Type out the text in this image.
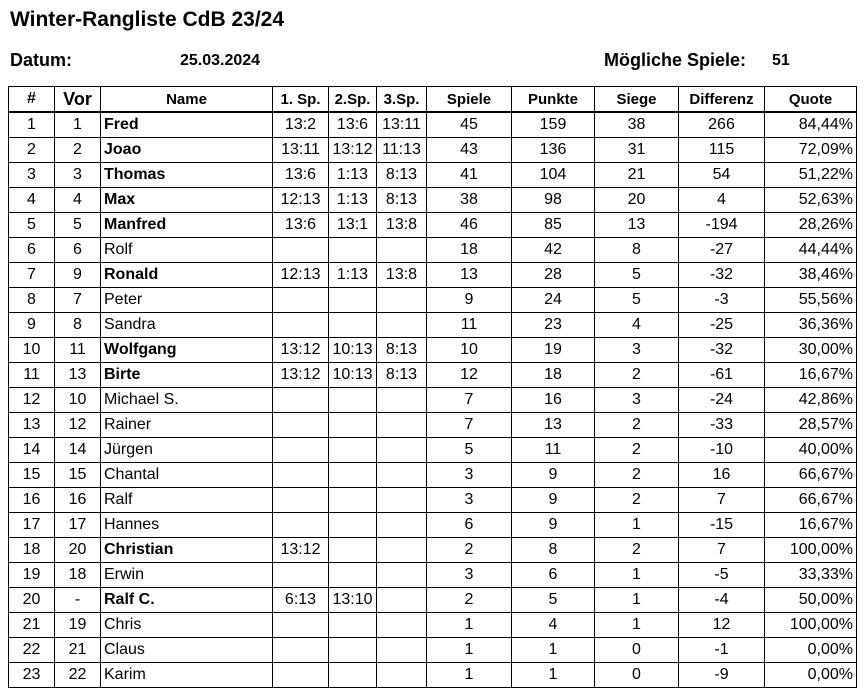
Winter-Rangliste CdB 23/24
Datum:	25.03.2024	Mögliche Spiele: 51
#	Vor	Name	1. Sp.	2.Sp.	3.Sp.	Spiele	Punkte	Siege	Differenz	Quote
1	1	Fred	13:2	13:6	13:11	45	159	38	266	84,44%
2	2	Joao	13:11	13:12	11:13	43	136	31	115	72,09%
3	3	Thomas	13:6	1:13	8:13	41	104	21	54	51,22%
4	4	Max	12:13	1:13	8:13	38	98	20	4	52,63%
5	5	Manfred	13:6	13:1	13:8	46	85	13	-194	28,26%
6	6	Rolf				18	42	8	-27	44,44%
7	9	Ronald	12:13	1:13	13:8	13	28	5	-32	38,46%
8	7	Peter				9	24	5	-3	55,56%
9	8	Sandra				11	23	4	-25	36,36%
10	11	Wolfgang	13:12	10:13	8:13	10	19	3	-32	30,00%
11	13	Birte	13:12	10:13	8:13	12	18	2	-61	16,67%
12	10	Michael S.				7	16	3	-24	42,86%
13	12	Rainer				7	13	2	-33	28,57%
14	14	Jürgen				5	11	2	-10	40,00%
15	15	Chantal				3	9	2	16	66,67%
16	16	Ralf				3	9	2	7	66,67%
17	17	Hannes				6	9	1	-15	16,67%
18	20	Christian	13:12			2	8	2	7	100,00%
19	18	Erwin				3	6	1	-5	33,33%
20	-	Ralf C.	6:13	13:10		2	5	1	-4	50,00%
21	19	Chris				1	4	1	12	100,00%
22	21	Claus				1	1	0	-1	0,00%
23	22	Karim				1	1	0	-9	0,00%
